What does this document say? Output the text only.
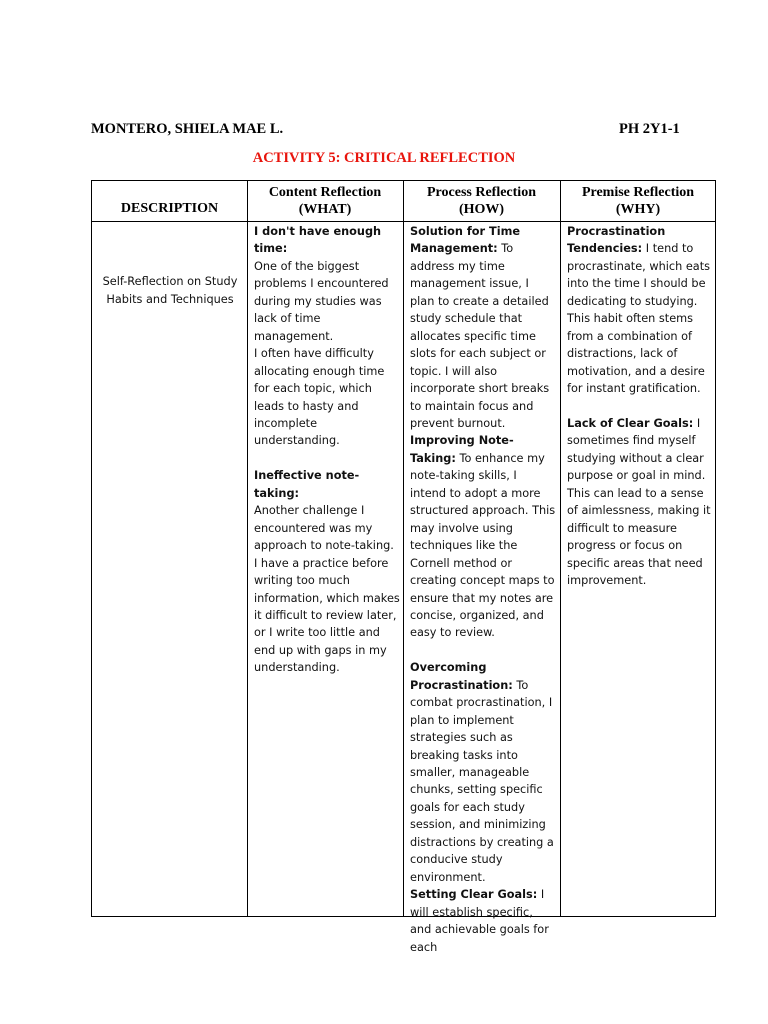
MONTERO, SHIELA MAE L.	PH 2Y1-1
ACTIVITY 5: CRITICAL REFLECTION
DESCRIPTION
Content Reflection
(WHAT)
Process Reflection
(HOW)
Premise Reflection
(WHY)
Self-Reflection on Study Habits and Techniques

I don't have enough time:

One of the biggest problems I encountered during my studies was lack of time management.

I often have difficulty allocating enough time for each topic, which leads to hasty and incomplete understanding.

Ineffective note-taking:

Another challenge I encountered was my approach to note-taking. I have a practice before writing too much information, which makes it difficult to review later, or I write too little and end up with gaps in my understanding.

Solution for Time Management: To address my time management issue, I plan to create a detailed study schedule that allocates specific time slots for each subject or topic. I will also incorporate short breaks to maintain focus and prevent burnout.

Improving Note-Taking: To enhance my note-taking skills, I intend to adopt a more structured approach. This may involve using techniques like the Cornell method or creating concept maps to ensure that my notes are concise, organized, and easy to review.

Overcoming Procrastination: To combat procrastination, I plan to implement strategies such as breaking tasks into smaller, manageable chunks, setting specific goals for each study session, and minimizing distractions by creating a conducive study environment.

Setting Clear Goals: I will establish specific, and achievable goals for each

Procrastination Tendencies: I tend to procrastinate, which eats into the time I should be dedicating to studying. This habit often stems from a combination of distractions, lack of motivation, and a desire for instant gratification.

Lack of Clear Goals: I sometimes find myself studying without a clear purpose or goal in mind. This can lead to a sense of aimlessness, making it difficult to measure progress or focus on specific areas that need improvement.
